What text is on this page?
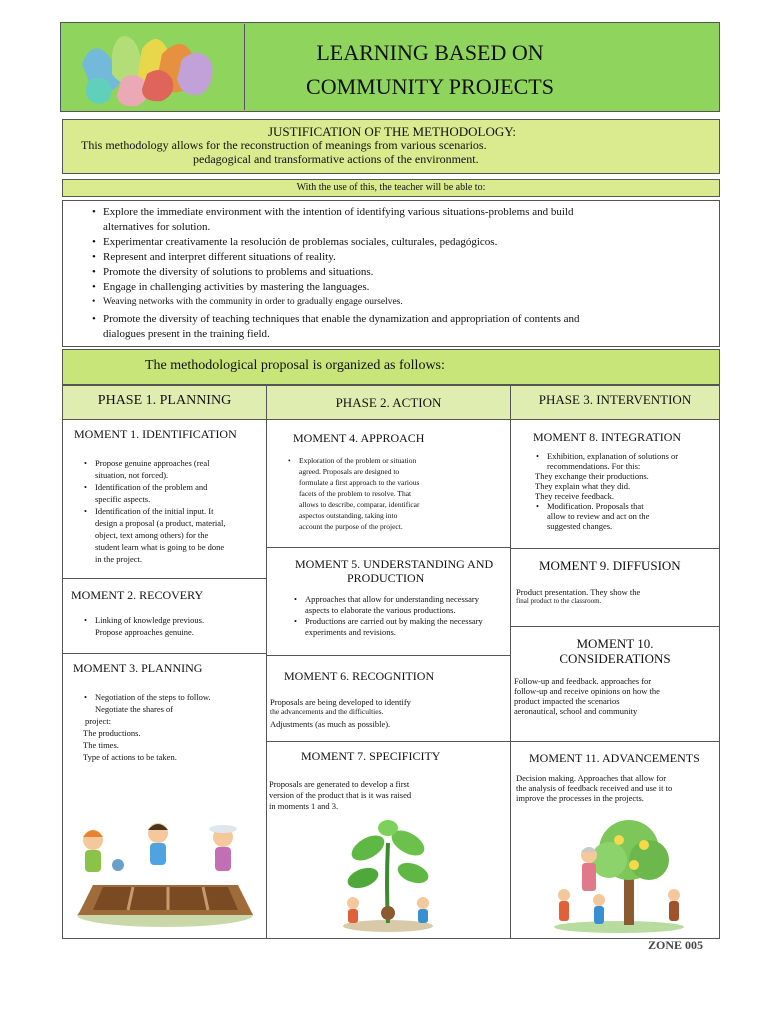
LEARNING BASED ON
COMMUNITY PROJECTS
JUSTIFICATION OF THE METHODOLOGY:
This methodology allows for the reconstruction of meanings from various scenarios.
pedagogical and transformative actions of the environment.
With the use of this, the teacher will be able to:
• Explore the immediate environment with the intention of identifying various situations-problems and build alternatives for solution.
• Experimentar creativamente la resolución de problemas sociales, culturales, pedagógicos.
• Represent and interpret different situations of reality.
• Promote the diversity of solutions to problems and situations.
• Engage in challenging activities by mastering the languages.
• Weaving networks with the community in order to gradually engage ourselves.
• Promote the diversity of teaching techniques that enable the dynamization and appropriation of contents and dialogues present in the training field.
The methodological proposal is organized as follows:
PHASE 1. PLANNING	PHASE 2. ACTION	PHASE 3. INTERVENTION
MOMENT 1. IDENTIFICATION
• Propose genuine approaches (real situation, not forced).
• Identification of the problem and specific aspects.
• Identification of the initial input. It design a proposal (a product, material, object, text among others) for the student learn what is going to be done in the project.
MOMENT 2. RECOVERY
• Linking of knowledge previous. Propose approaches genuine.
MOMENT 3. PLANNING
• Negotiation of the steps to follow. Negotiate the shares of
project:
The productions.
The times.
Type of actions to be taken.
MOMENT 4. APPROACH
• Exploration of the problem or situation agreed. Proposals are designed to formulate a first approach to the various facets of the problem to resolve. That allows to describe, comparar, identificar aspectos outstanding, taking into account the purpose of the project.
MOMENT 5. UNDERSTANDING AND
PRODUCTION
• Approaches that allow for understanding necessary aspects to elaborate the various productions.
• Productions are carried out by making the necessary experiments and revisions.
MOMENT 6. RECOGNITION
Proposals are being developed to identify
the advancements and the difficulties.
Adjustments (as much as possible).
MOMENT 7. SPECIFICITY
Proposals are generated to develop a first version of the product that is it was raised in moments 1 and 3.
MOMENT 8. INTEGRATION
• Exhibition, explanation of solutions or recommendations. For this:
They exchange their productions.
They explain what they did.
They receive feedback.
• Modification. Proposals that allow to review and act on the suggested changes.
MOMENT 9. DIFFUSION
Product presentation. They show the
final product to the classroom.
MOMENT 10.
CONSIDERATIONS
Follow-up and feedback. approaches for follow-up and receive opinions on how the product impacted the scenarios aeronautical, school and community
MOMENT 11. ADVANCEMENTS
Decision making. Approaches that allow for the analysis of feedback received and use it to improve the processes in the projects.
ZONE 005
